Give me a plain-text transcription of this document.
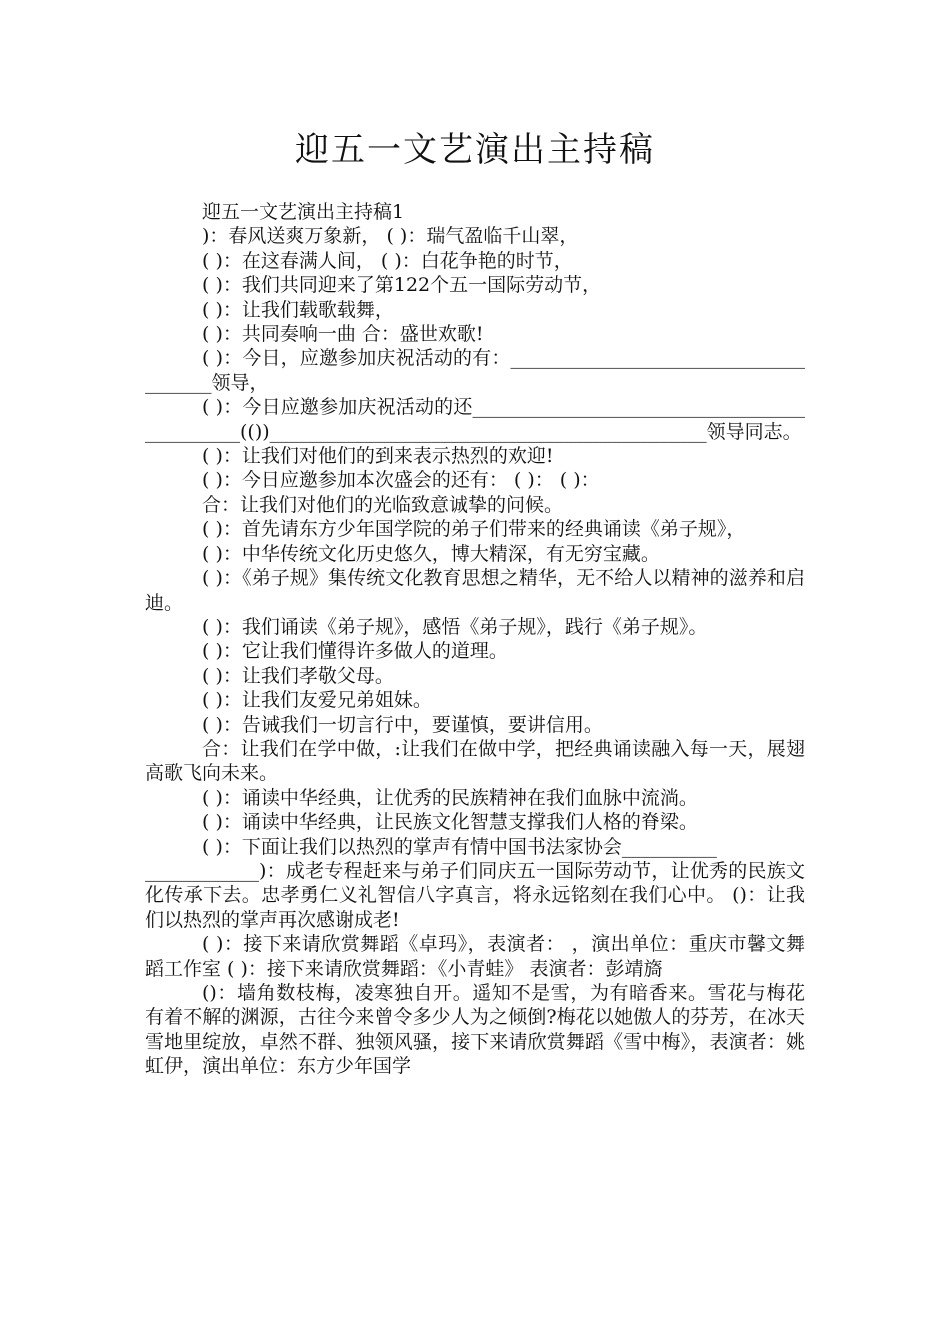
迎五一文艺演出主持稿

迎五一文艺演出主持稿1

)：春风送爽万象新， ( )：瑞气盈临千山翠，

( )：在这春满人间， ( )：白花争艳的时节，

( )：我们共同迎来了第122个五一国际劳动节，

( )：让我们载歌载舞，

( )：共同奏响一曲 合：盛世欢歌!

( )：今日，应邀参加庆祝活动的有：______________________________________领导，

( )：今日应邀参加庆祝活动的还_____________________________________________(())______________________________________________领导同志。

( )：让我们对他们的到来表示热烈的欢迎!

( )：今日应邀参加本次盛会的还有： ( )： ( )：

合：让我们对他们的光临致意诚挚的问候。

( )：首先请东方少年国学院的弟子们带来的经典诵读《弟子规》，

( )：中华传统文化历史悠久，博大精深，有无穷宝藏。

( )：《弟子规》集传统文化教育思想之精华，无不给人以精神的滋养和启迪。

( )：我们诵读《弟子规》，感悟《弟子规》，践行《弟子规》。

( )：它让我们懂得许多做人的道理。

( )：让我们孝敬父母。

( )：让我们友爱兄弟姐妹。

( )：告诫我们一切言行中，要谨慎，要讲信用。

合：让我们在学中做，:让我们在做中学，把经典诵读融入每一天，展翅高歌飞向未来。

( )：诵读中华经典，让优秀的民族精神在我们血脉中流淌。

( )：诵读中华经典，让民族文化智慧支撑我们人格的脊梁。

( )：下面让我们以热烈的掌声有情中国书法家协会__________

____________)：成老专程赶来与弟子们同庆五一国际劳动节，让优秀的民族文化传承下去。忠孝勇仁义礼智信八字真言，将永远铭刻在我们心中。 ()：让我们以热烈的掌声再次感谢成老!

( )：接下来请欣赏舞蹈《卓玛》，表演者： ，演出单位：重庆市馨文舞蹈工作室 ( )：接下来请欣赏舞蹈：《小青蛙》 表演者：彭靖旖

()：墙角数枝梅，凌寒独自开。遥知不是雪，为有暗香来。雪花与梅花有着不解的渊源，古往今来曾令多少人为之倾倒?梅花以她傲人的芬芳，在冰天雪地里绽放，卓然不群、独领风骚，接下来请欣赏舞蹈《雪中梅》，表演者：姚虹伊，演出单位：东方少年国学
